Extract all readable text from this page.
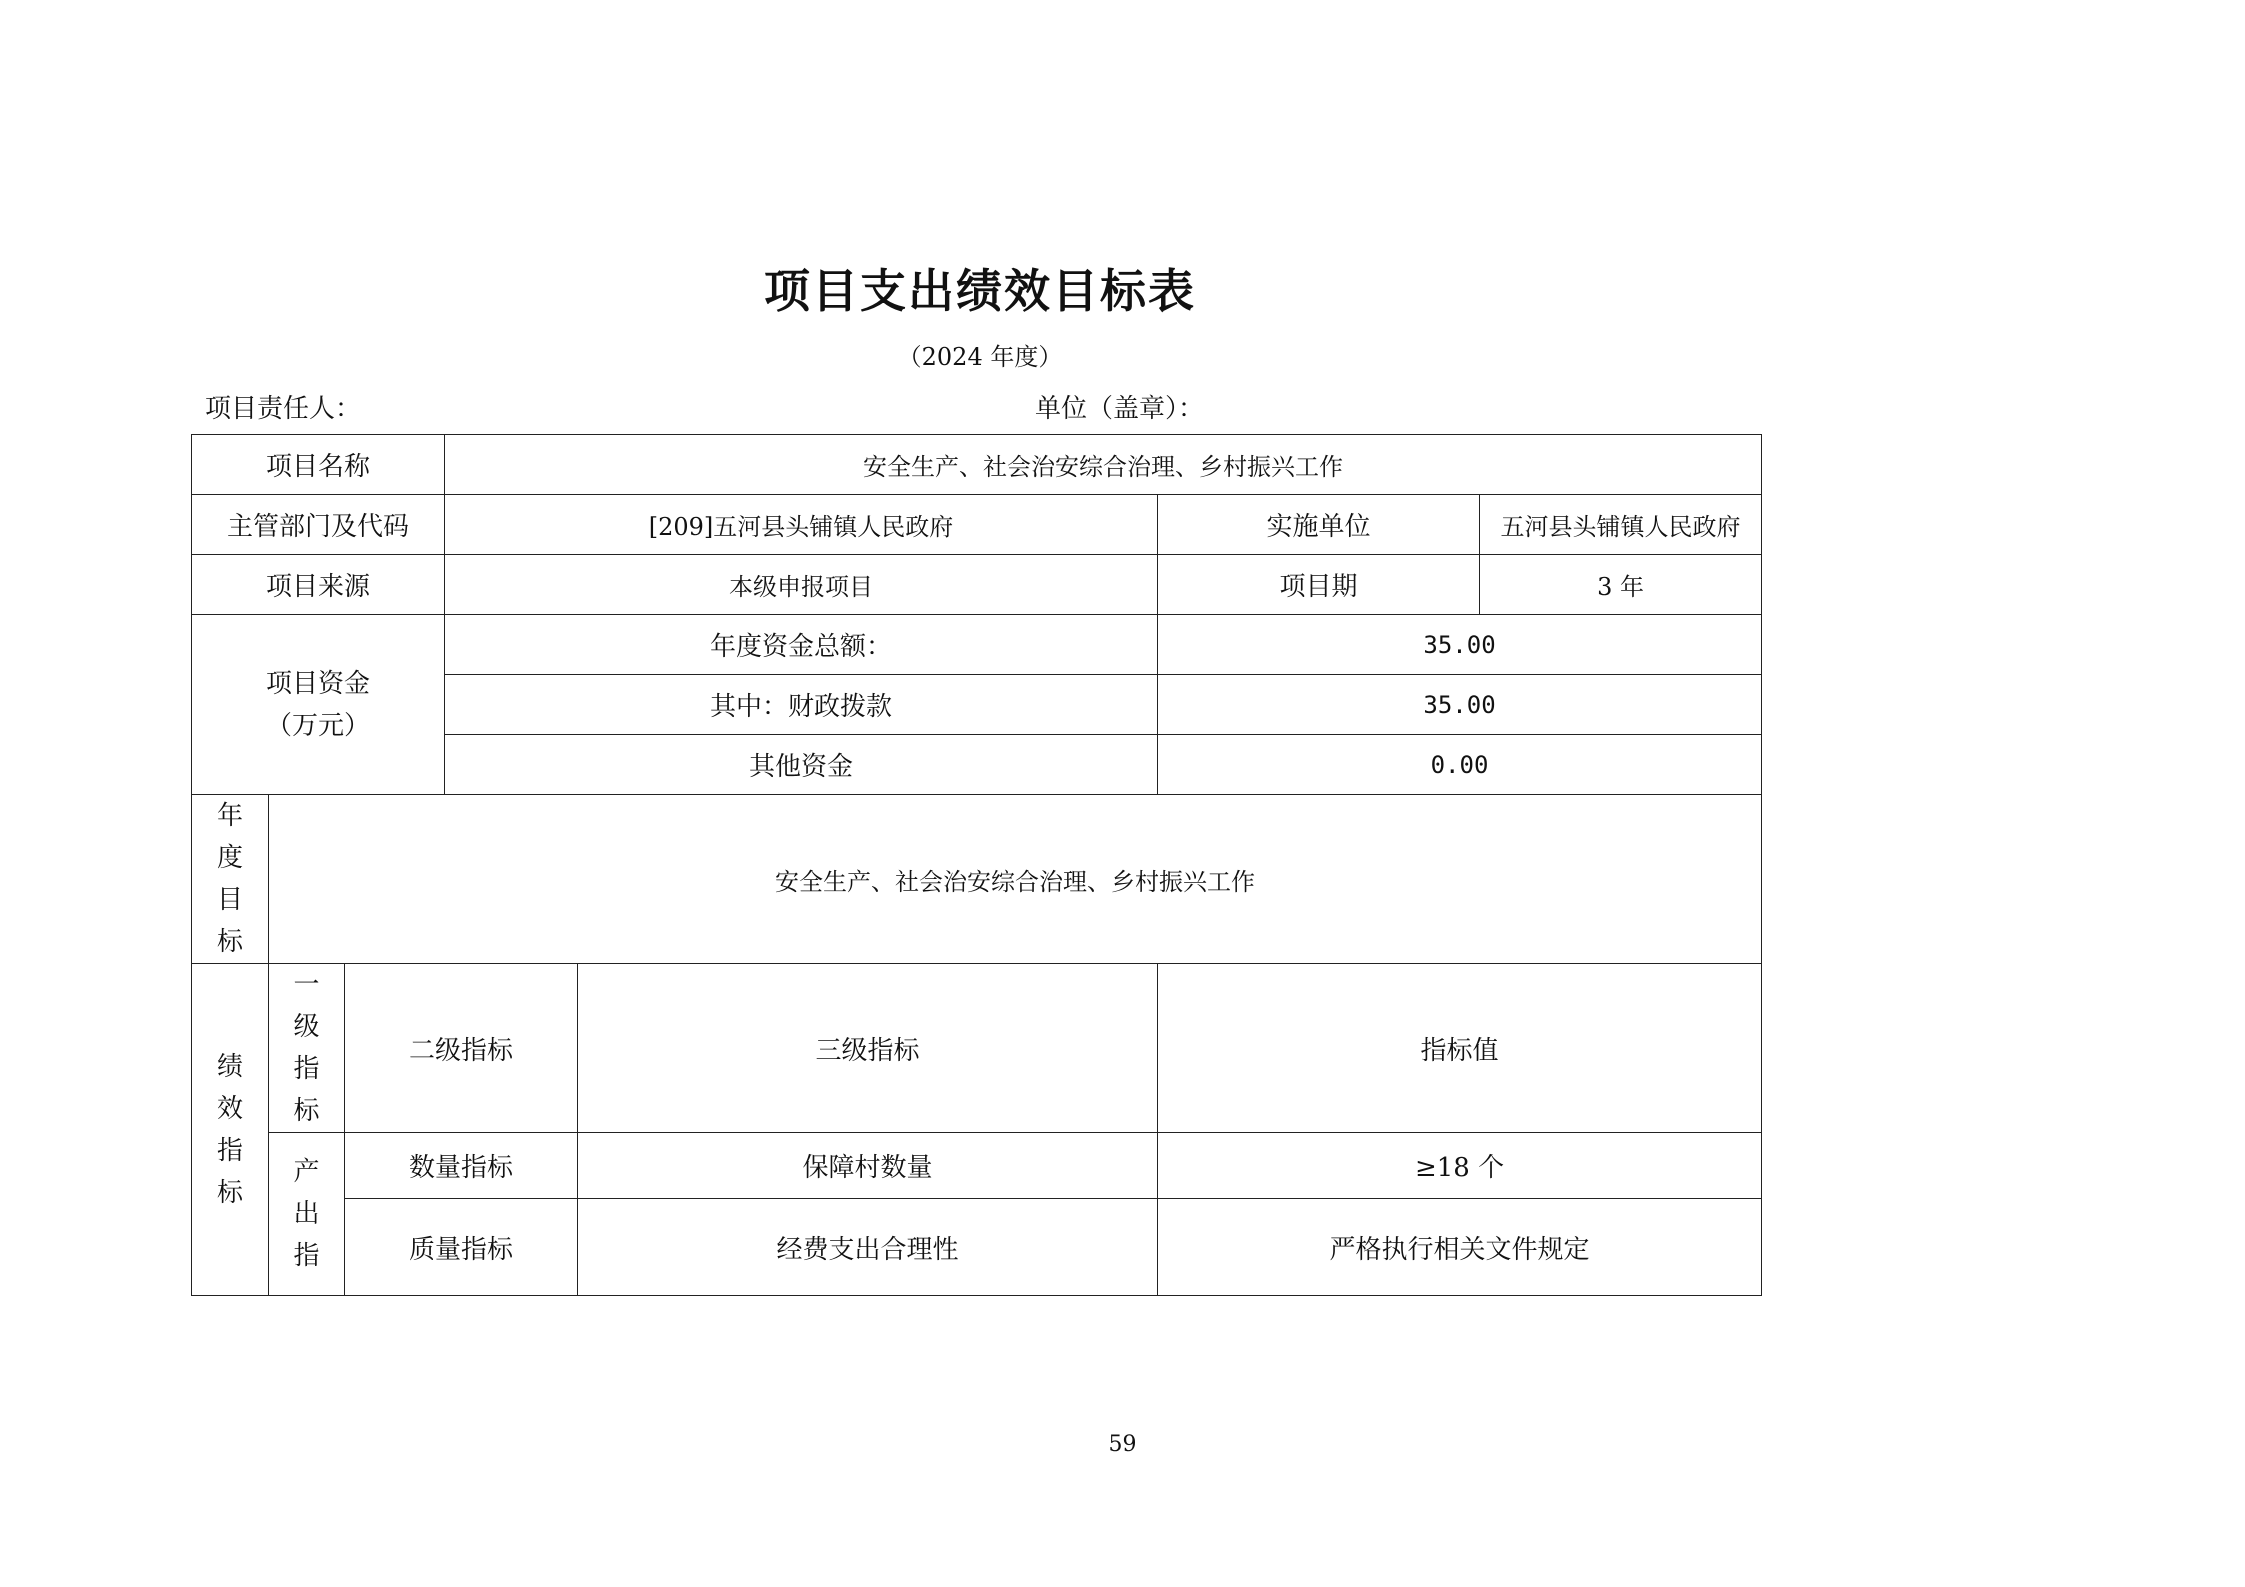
项目支出绩效目标表
（2024 年度）
项目责任人：	单位（盖章）：
项目名称			安全生产、社会治安综合治理、乡村振兴工作			
主管部门及代码			[209]五河县头铺镇人民政府		实施单位	五河县头铺镇人民政府
项目来源			本级申报项目		项目期	3 年

项目资金
（万元）			年度资金总额：		35.00	
			其中：财政拨款		35.00	
			其他资金		0.00	

年度目标	安全生产、社会治安综合治理、乡村振兴工作					

绩效指标	一级指标	二级指标		三级指标	指标值	

	产出指	数量指标		保障村数量	≥18 个	
		质量指标		经费支出合理性	严格执行相关文件规定	
59
